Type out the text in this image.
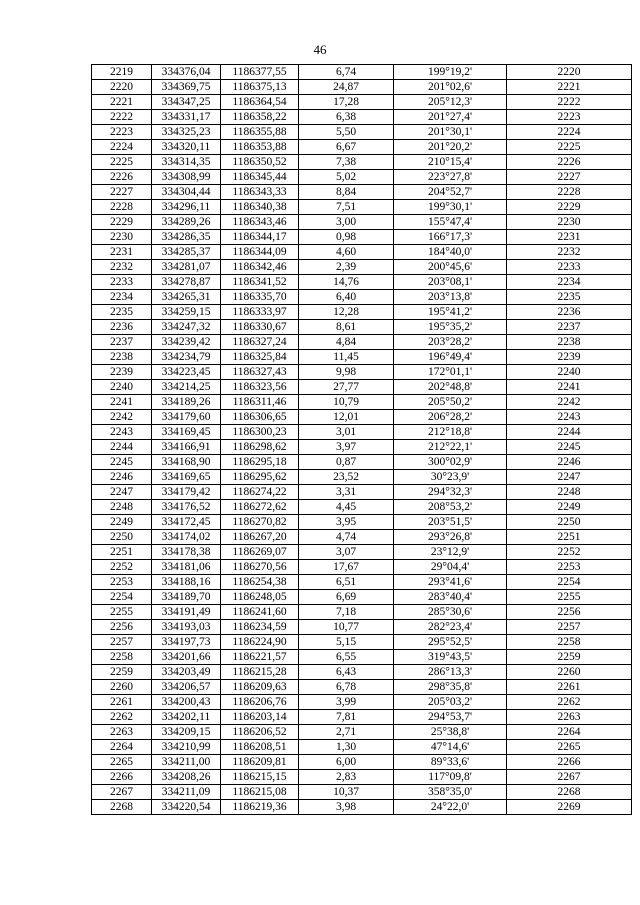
46
2219	334376,04	1186377,55	6,74	199°19,2'	2220
2220	334369,75	1186375,13	24,87	201°02,6'	2221
2221	334347,25	1186364,54	17,28	205°12,3'	2222
2222	334331,17	1186358,22	6,38	201°27,4'	2223
2223	334325,23	1186355,88	5,50	201°30,1'	2224
2224	334320,11	1186353,88	6,67	201°20,2'	2225
2225	334314,35	1186350,52	7,38	210°15,4'	2226
2226	334308,99	1186345,44	5,02	223°27,8'	2227
2227	334304,44	1186343,33	8,84	204°52,7'	2228
2228	334296,11	1186340,38	7,51	199°30,1'	2229
2229	334289,26	1186343,46	3,00	155°47,4'	2230
2230	334286,35	1186344,17	0,98	166°17,3'	2231
2231	334285,37	1186344,09	4,60	184°40,0'	2232
2232	334281,07	1186342,46	2,39	200°45,6'	2233
2233	334278,87	1186341,52	14,76	203°08,1'	2234
2234	334265,31	1186335,70	6,40	203°13,8'	2235
2235	334259,15	1186333,97	12,28	195°41,2'	2236
2236	334247,32	1186330,67	8,61	195°35,2'	2237
2237	334239,42	1186327,24	4,84	203°28,2'	2238
2238	334234,79	1186325,84	11,45	196°49,4'	2239
2239	334223,45	1186327,43	9,98	172°01,1'	2240
2240	334214,25	1186323,56	27,77	202°48,8'	2241
2241	334189,26	1186311,46	10,79	205°50,2'	2242
2242	334179,60	1186306,65	12,01	206°28,2'	2243
2243	334169,45	1186300,23	3,01	212°18,8'	2244
2244	334166,91	1186298,62	3,97	212°22,1'	2245
2245	334168,90	1186295,18	0,87	300°02,9'	2246
2246	334169,65	1186295,62	23,52	30°23,9'	2247
2247	334179,42	1186274,22	3,31	294°32,3'	2248
2248	334176,52	1186272,62	4,45	208°53,2'	2249
2249	334172,45	1186270,82	3,95	203°51,5'	2250
2250	334174,02	1186267,20	4,74	293°26,8'	2251
2251	334178,38	1186269,07	3,07	23°12,9'	2252
2252	334181,06	1186270,56	17,67	29°04,4'	2253
2253	334188,16	1186254,38	6,51	293°41,6'	2254
2254	334189,70	1186248,05	6,69	283°40,4'	2255
2255	334191,49	1186241,60	7,18	285°30,6'	2256
2256	334193,03	1186234,59	10,77	282°23,4'	2257
2257	334197,73	1186224,90	5,15	295°52,5'	2258
2258	334201,66	1186221,57	6,55	319°43,5'	2259
2259	334203,49	1186215,28	6,43	286°13,3'	2260
2260	334206,57	1186209,63	6,78	298°35,8'	2261
2261	334200,43	1186206,76	3,99	205°03,2'	2262
2262	334202,11	1186203,14	7,81	294°53,7'	2263
2263	334209,15	1186206,52	2,71	25°38,8'	2264
2264	334210,99	1186208,51	1,30	47°14,6'	2265
2265	334211,00	1186209,81	6,00	89°33,6'	2266
2266	334208,26	1186215,15	2,83	117°09,8'	2267
2267	334211,09	1186215,08	10,37	358°35,0'	2268
2268	334220,54	1186219,36	3,98	24°22,0'	2269
